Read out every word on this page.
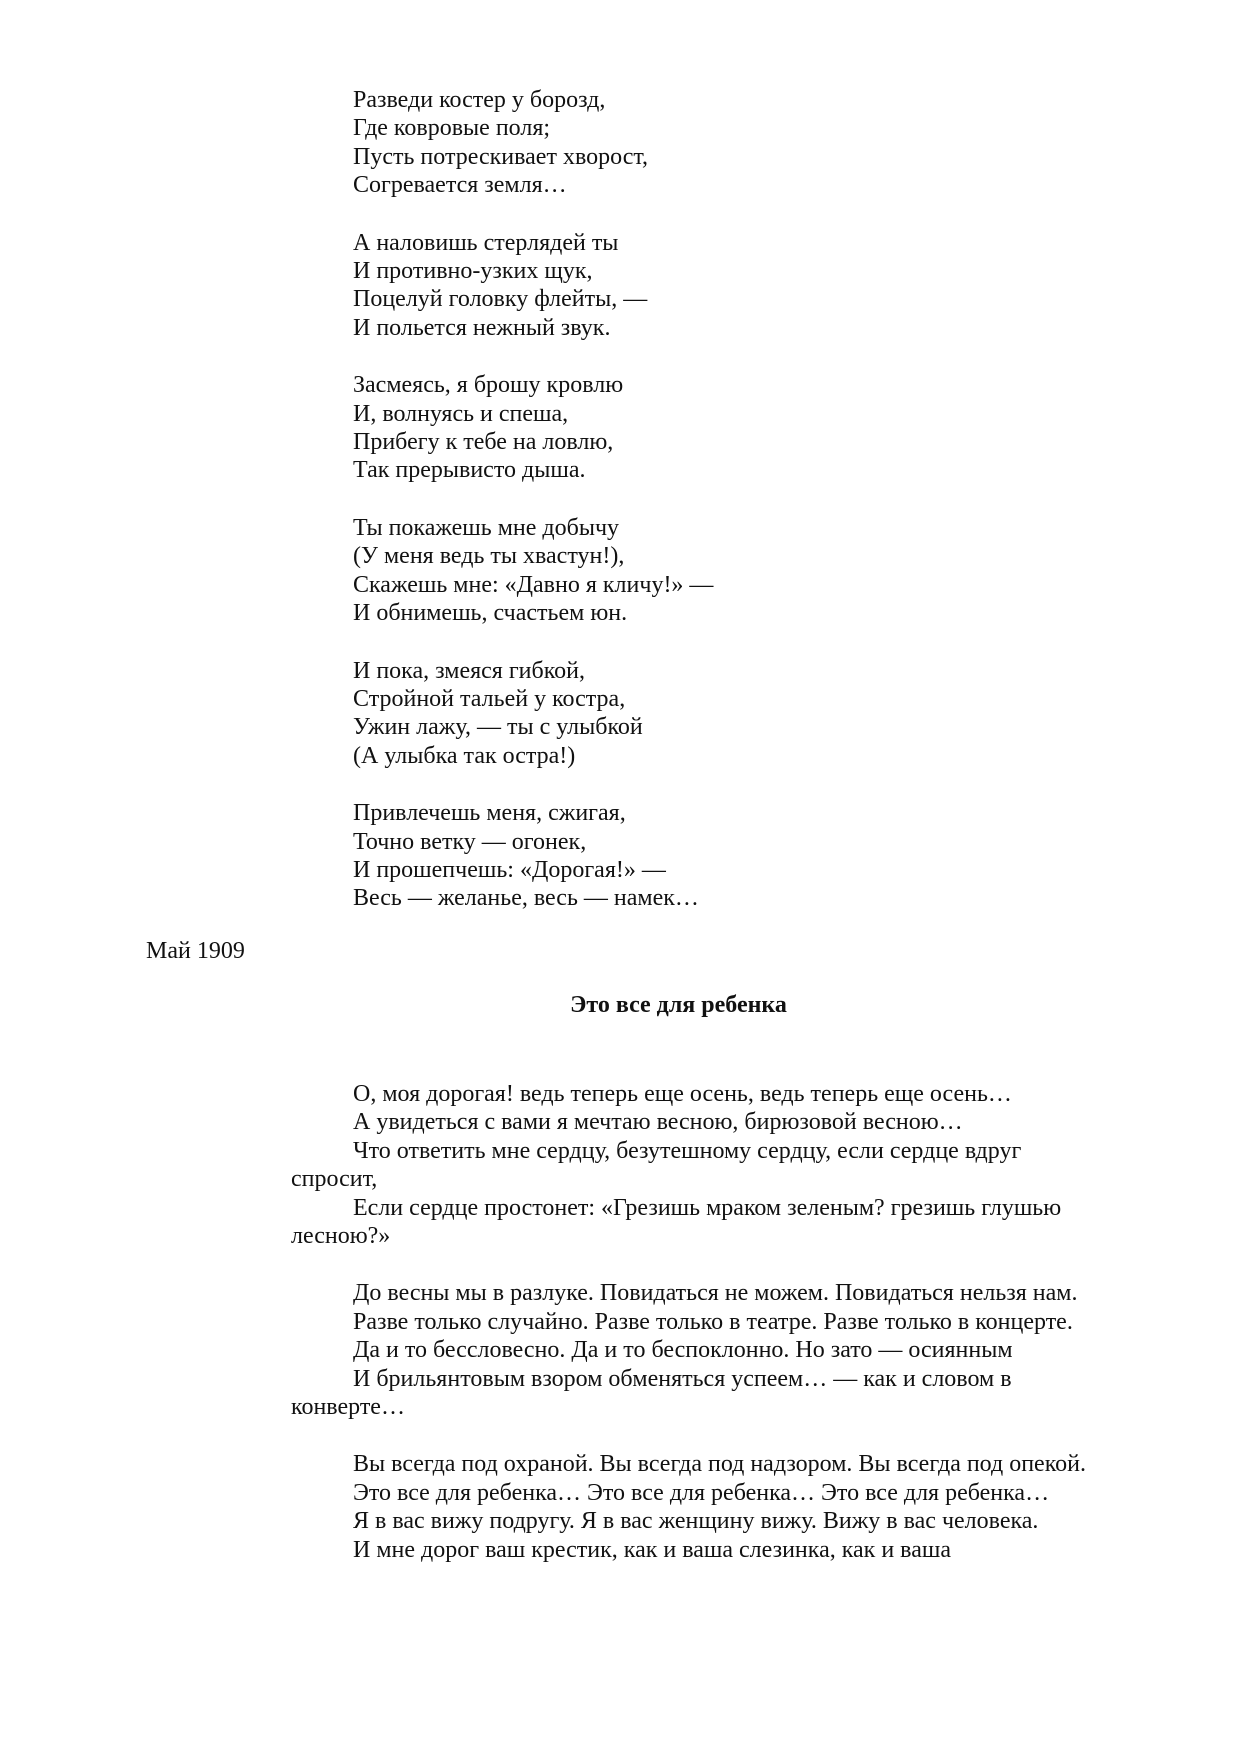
Разведи костер у борозд,
Где ковровые поля;
Пусть потрескивает хворост,
Согревается земля…
А наловишь стерлядей ты
И противно-узких щук,
Поцелуй головку флейты, —
И польется нежный звук.
Засмеясь, я брошу кровлю
И, волнуясь и спеша,
Прибегу к тебе на ловлю,
Так прерывисто дыша.
Ты покажешь мне добычу
(У меня ведь ты хвастун!),
Скажешь мне: «Давно я кличу!» —
И обнимешь, счастьем юн.
И пока, змеяся гибкой,
Стройной тальей у костра,
Ужин лажу, — ты с улыбкой
(А улыбка так остра!)
Привлечешь меня, сжигая,
Точно ветку — огонек,
И прошепчешь: «Дорогая!» —
Весь — желанье, весь — намек…
Май 1909
Это все для ребенка
О, моя дорогая! ведь теперь еще осень, ведь теперь еще осень…
А увидеться с вами я мечтаю весною, бирюзовой весною…
Что ответить мне сердцу, безутешному сердцу, если сердце вдруг спросит,
Если сердце простонет: «Грезишь мраком зеленым? грезишь глушью лесною?»
До весны мы в разлуке. Повидаться не можем. Повидаться нельзя нам.
Разве только случайно. Разве только в театре. Разве только в концерте.
Да и то бессловесно. Да и то беспоклонно. Но зато — осиянным
И брильянтовым взором обменяться успеем… — как и словом в конверте…
Вы всегда под охраной. Вы всегда под надзором. Вы всегда под опекой.
Это все для ребенка… Это все для ребенка… Это все для ребенка…
Я в вас вижу подругу. Я в вас женщину вижу. Вижу в вас человека.
И мне дорог ваш крестик, как и ваша слезинка, как и ваша
